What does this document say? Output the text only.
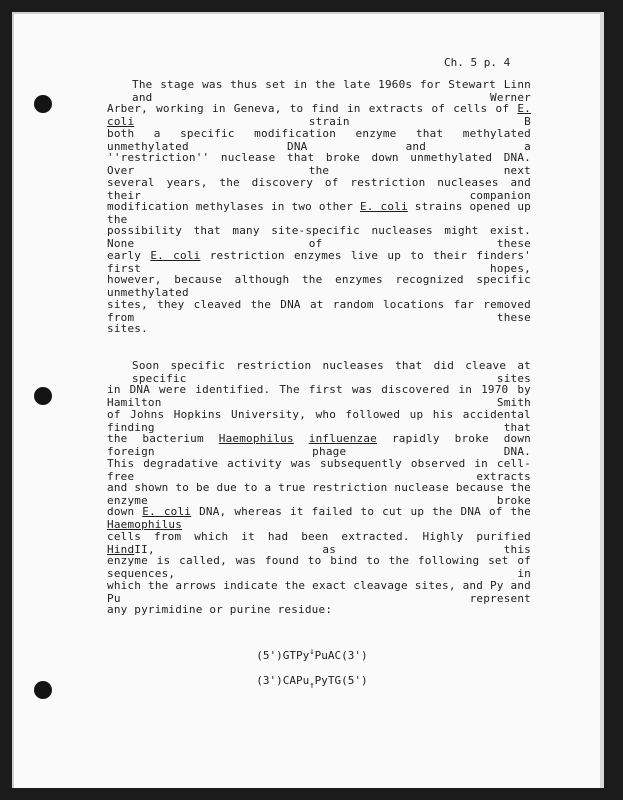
Ch. 5 p. 4
The stage was thus set in the late 1960s for Stewart Linn and Werner
Arber, working in Geneva, to find in extracts of cells of E. coli strain B
both a specific modification enzyme that methylated unmethylated DNA and a
''restriction'' nuclease that broke down unmethylated DNA. Over the next
several years, the discovery of restriction nucleases and their companion
modification methylases in two other E. coli strains opened up the
possibility that many site-specific nucleases might exist. None of these
early E. coli restriction enzymes live up to their finders' first hopes,
however, because although the enzymes recognized specific unmethylated
sites, they cleaved the DNA at random locations far removed from these
sites.
Soon specific restriction nucleases that did cleave at specific sites
in DNA were identified. The first was discovered in 1970 by Hamilton Smith
of Johns Hopkins University, who followed up his accidental finding that
the bacterium Haemophilus influenzae rapidly broke down foreign phage DNA.
This degradative activity was subsequently observed in cell-free extracts
and shown to be due to a true restriction nuclease because the enzyme broke
down E. coli DNA, whereas it failed to cut up the DNA of the Haemophilus
cells from which it had been extracted. Highly purified HindII, as this
enzyme is called, was found to bind to the following set of sequences, in
which the arrows indicate the exact cleavage sites, and Py and Pu represent
any pyrimidine or purine residue:

(5')GTPy↓PuAC(3')

(3')CAPu$_↑$PyTG(5')
